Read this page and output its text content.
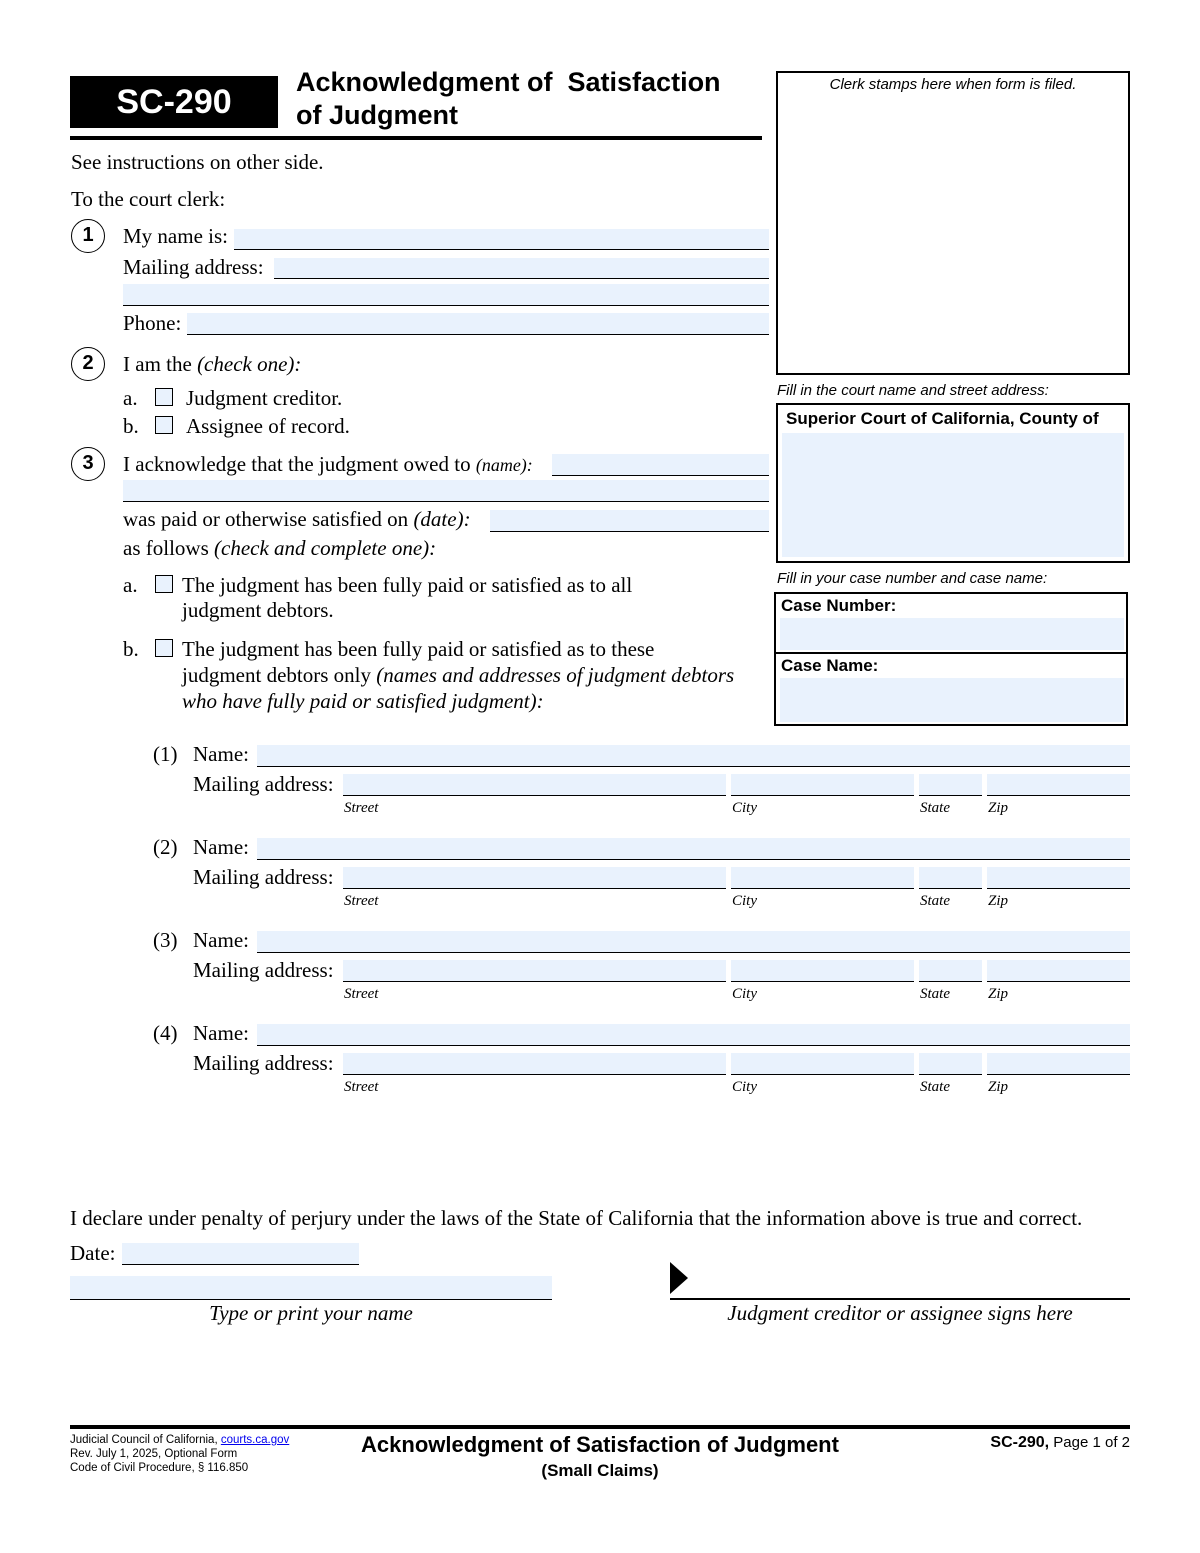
SC-290
Acknowledgment of  Satisfaction
of Judgment
Clerk stamps here when form is filed.
Fill in the court name and street address:
Superior Court of California, County of
Fill in your case number and case name:
Case Number:
Case Name:
See instructions on other side.
To the court clerk:
1	My name is:
Mailing address:
Phone:
2	I am the (check one):
a. Judgment creditor.
b. Assignee of record.
3	I acknowledge that the judgment owed to (name):
was paid or otherwise satisfied on (date):
as follows (check and complete one):
a. The judgment has been fully paid or satisfied as to all
judgment debtors.
b. The judgment has been fully paid or satisfied as to these
judgment debtors only (names and addresses of judgment debtors
who have fully paid or satisfied judgment):
(1) Name:
Mailing address:
Street	City	State	Zip
(2) Name:
Mailing address:
Street	City	State	Zip
(3) Name:
Mailing address:
Street	City	State	Zip
(4) Name:
Mailing address:
Street	City	State	Zip
I declare under penalty of perjury under the laws of the State of California that the information above is true and correct.
Date:
Type or print your name	Judgment creditor or assignee signs here
Judicial Council of California, courts.ca.gov
Rev. July 1, 2025, Optional Form
Code of Civil Procedure, § 116.850
Acknowledgment of Satisfaction of Judgment
(Small Claims)
SC-290, Page 1 of 2
